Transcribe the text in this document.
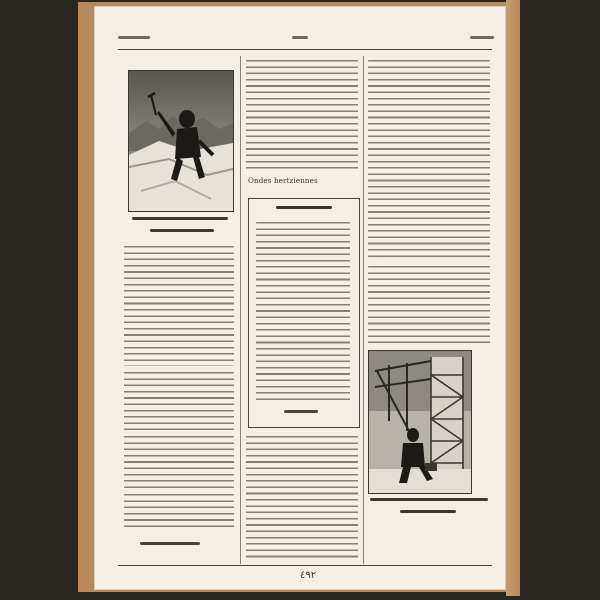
Ondes hertziennes
٤٩٢
